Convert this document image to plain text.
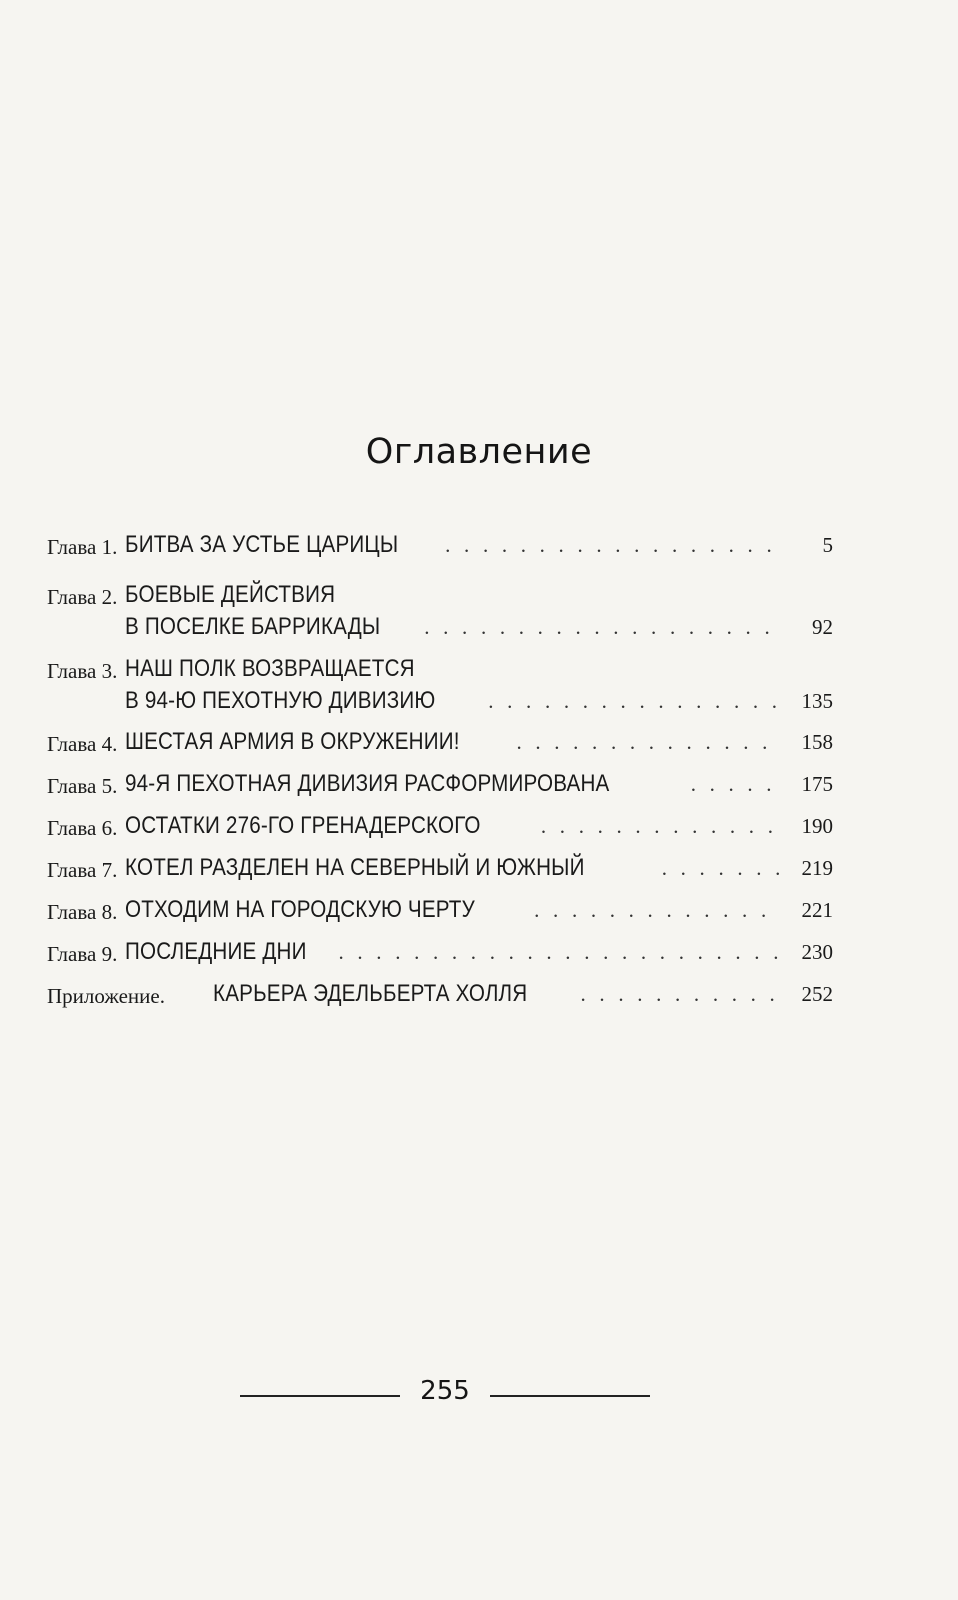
Оглавление
Глава 1. БИТВА ЗА УСТЬЕ ЦАРИЦЫ . . .	5
Глава 2. БОЕВЫЕ ДЕЙСТВИЯ
В ПОСЕЛКЕ БАРРИКАДЫ . . .	92
Глава 3. НАШ ПОЛК ВОЗВРАЩАЕТСЯ
В 94-Ю ПЕХОТНУЮ ДИВИЗИЮ . . .	135
Глава 4. ШЕСТАЯ АРМИЯ В ОКРУЖЕНИИ! . . .	158
Глава 5. 94-Я ПЕХОТНАЯ ДИВИЗИЯ РАСФОРМИРОВАНА . . .	175
Глава 6. ОСТАТКИ 276-ГО ГРЕНАДЕРСКОГО . . .	190
Глава 7. КОТЕЛ РАЗДЕЛЕН НА СЕВЕРНЫЙ И ЮЖНЫЙ . . .	219
Глава 8. ОТХОДИМ НА ГОРОДСКУЮ ЧЕРТУ . . .	221
Глава 9. ПОСЛЕДНИЕ ДНИ . . .	230
Приложение. КАРЬЕРА ЭДЕЛЬБЕРТА ХОЛЛЯ . . .	252
255
